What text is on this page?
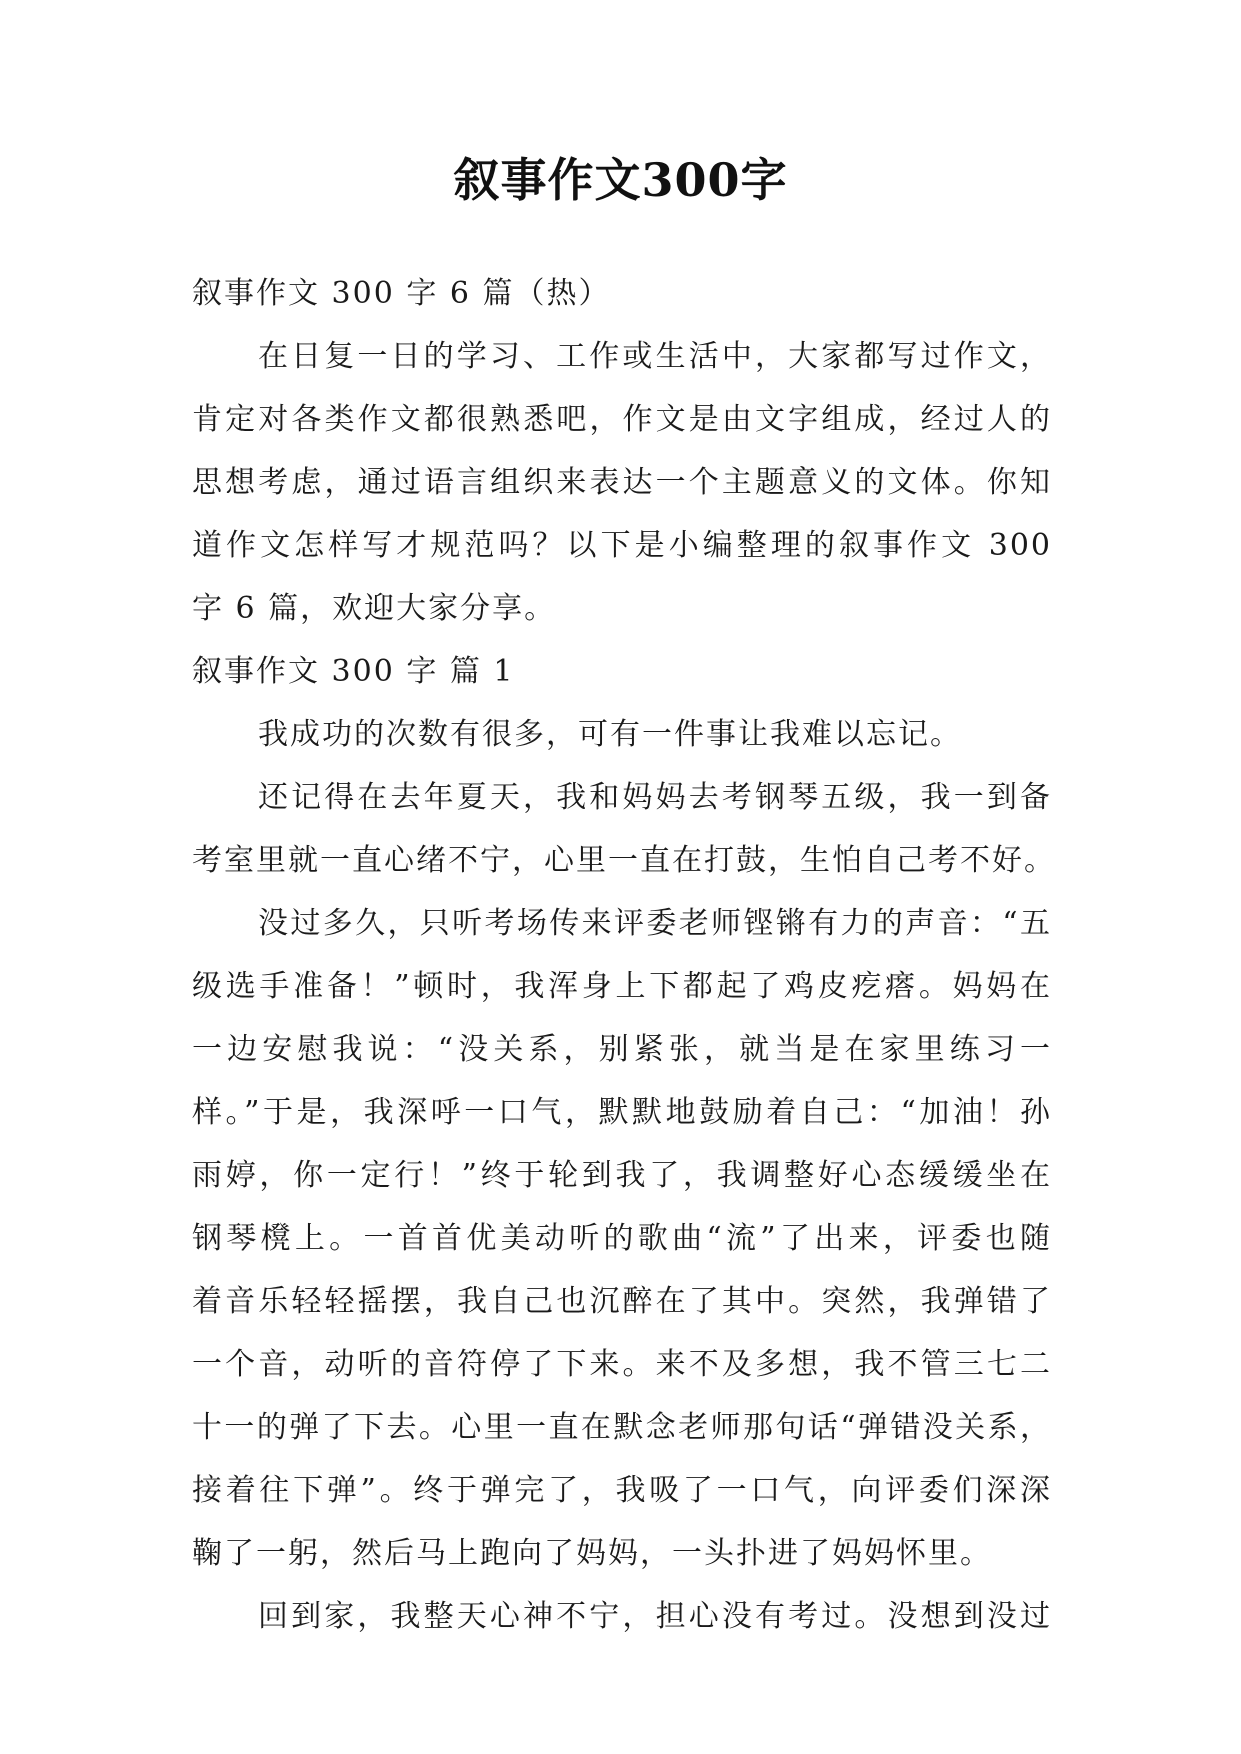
叙事作文300字
叙事作文 300 字 6 篇（热）
在日复一日的学习、工作或生活中，大家都写过作文，
肯定对各类作文都很熟悉吧，作文是由文字组成，经过人的
思想考虑，通过语言组织来表达一个主题意义的文体。你知
道作文怎样写才规范吗？以下是小编整理的叙事作文 300
字 6 篇，欢迎大家分享。
叙事作文 300 字 篇 1
我成功的次数有很多，可有一件事让我难以忘记。
还记得在去年夏天，我和妈妈去考钢琴五级，我一到备
考室里就一直心绪不宁，心里一直在打鼓，生怕自己考不好。
没过多久，只听考场传来评委老师铿锵有力的声音：“五
级选手准备！”顿时，我浑身上下都起了鸡皮疙瘩。妈妈在
一边安慰我说：“没关系，别紧张，就当是在家里练习一
样。”于是，我深呼一口气，默默地鼓励着自己：“加油！孙
雨婷，你一定行！”终于轮到我了，我调整好心态缓缓坐在
钢琴櫈上。一首首优美动听的歌曲“流”了出来，评委也随
着音乐轻轻摇摆，我自己也沉醉在了其中。突然，我弹错了
一个音，动听的音符停了下来。来不及多想，我不管三七二
十一的弹了下去。心里一直在默念老师那句话“弹错没关系，
接着往下弹”。终于弹完了，我吸了一口气，向评委们深深
鞠了一躬，然后马上跑向了妈妈，一头扑进了妈妈怀里。
回到家，我整天心神不宁，担心没有考过。没想到没过
